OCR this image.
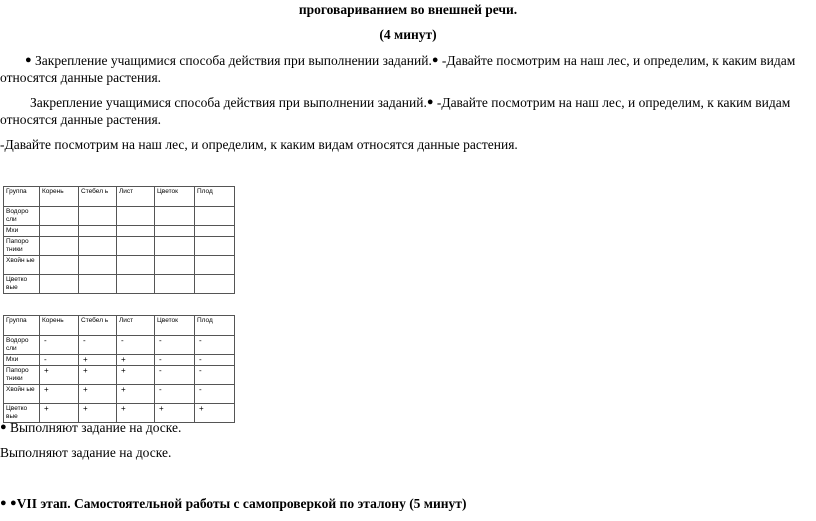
проговариванием во внешней речи.
(4 минут)
● Закрепление учащимися способа действия при выполнении заданий.● -Давайте посмотрим на наш лес, и определим, к каким видам
относятся данные растения.
Закрепление учащимися способа действия при выполнении заданий.● -Давайте посмотрим на наш лес, и определим, к каким видам
относятся данные растения.
-Давайте посмотрим на наш лес, и определим, к каким видам относятся данные растения.
Группа	Корень	Стебел ь	Лист	Цветок	Плод
Водоро сли					
Мхи					
Папоро тники					
Хвойн ые					
Цветко вые					
Группа	Корень	Стебел ь	Лист	Цветок	Плод
Водоро сли	-	-	-	-	-
Мхи	-	+	+	-	-
Папоро тники	+	+	+	-	-
Хвойн ые	+	+	+	-	-
Цветко вые	+	+	+	+	+
● Выполняют задание на доске.
Выполняют задание на доске.
● ●VII этап. Самостоятельной работы с самопроверкой по эталону (5 минут)
